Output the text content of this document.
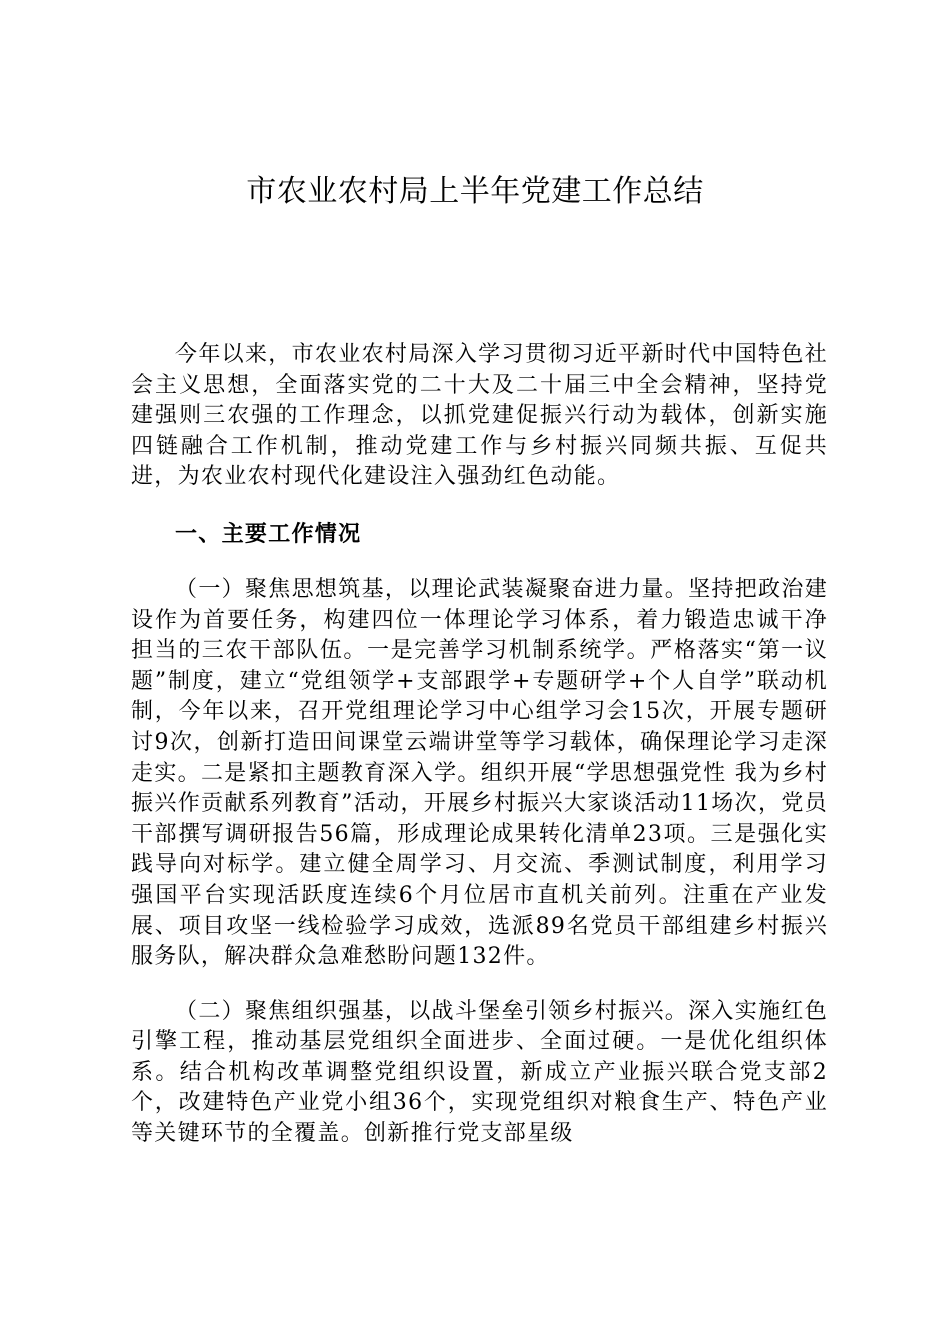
市农业农村局上半年党建工作总结

今年以来，市农业农村局深入学习贯彻习近平新时代中国特色社会主义思想，全面落实党的二十大及二十届三中全会精神，坚持党建强则三农强的工作理念，以抓党建促振兴行动为载体，创新实施四链融合工作机制，推动党建工作与乡村振兴同频共振、互促共进，为农业农村现代化建设注入强劲红色动能。

一、主要工作情况

（一）聚焦思想筑基，以理论武装凝聚奋进力量。坚持把政治建设作为首要任务，构建四位一体理论学习体系，着力锻造忠诚干净担当的三农干部队伍。一是完善学习机制系统学。严格落实“第一议题”制度，建立“党组领学+支部跟学+专题研学+个人自学”联动机制，今年以来，召开党组理论学习中心组学习会15次，开展专题研讨9次，创新打造田间课堂云端讲堂等学习载体，确保理论学习走深走实。二是紧扣主题教育深入学。组织开展“学思想强党性 我为乡村振兴作贡献系列教育”活动，开展乡村振兴大家谈活动11场次，党员干部撰写调研报告56篇，形成理论成果转化清单23项。三是强化实践导向对标学。建立健全周学习、月交流、季测试制度，利用学习强国平台实现活跃度连续6个月位居市直机关前列。注重在产业发展、项目攻坚一线检验学习成效，选派89名党员干部组建乡村振兴服务队，解决群众急难愁盼问题132件。

（二）聚焦组织强基，以战斗堡垒引领乡村振兴。深入实施红色引擎工程，推动基层党组织全面进步、全面过硬。一是优化组织体系。结合机构改革调整党组织设置，新成立产业振兴联合党支部2个，改建特色产业党小组36个，实现党组织对粮食生产、特色产业等关键环节的全覆盖。创新推行党支部星级
